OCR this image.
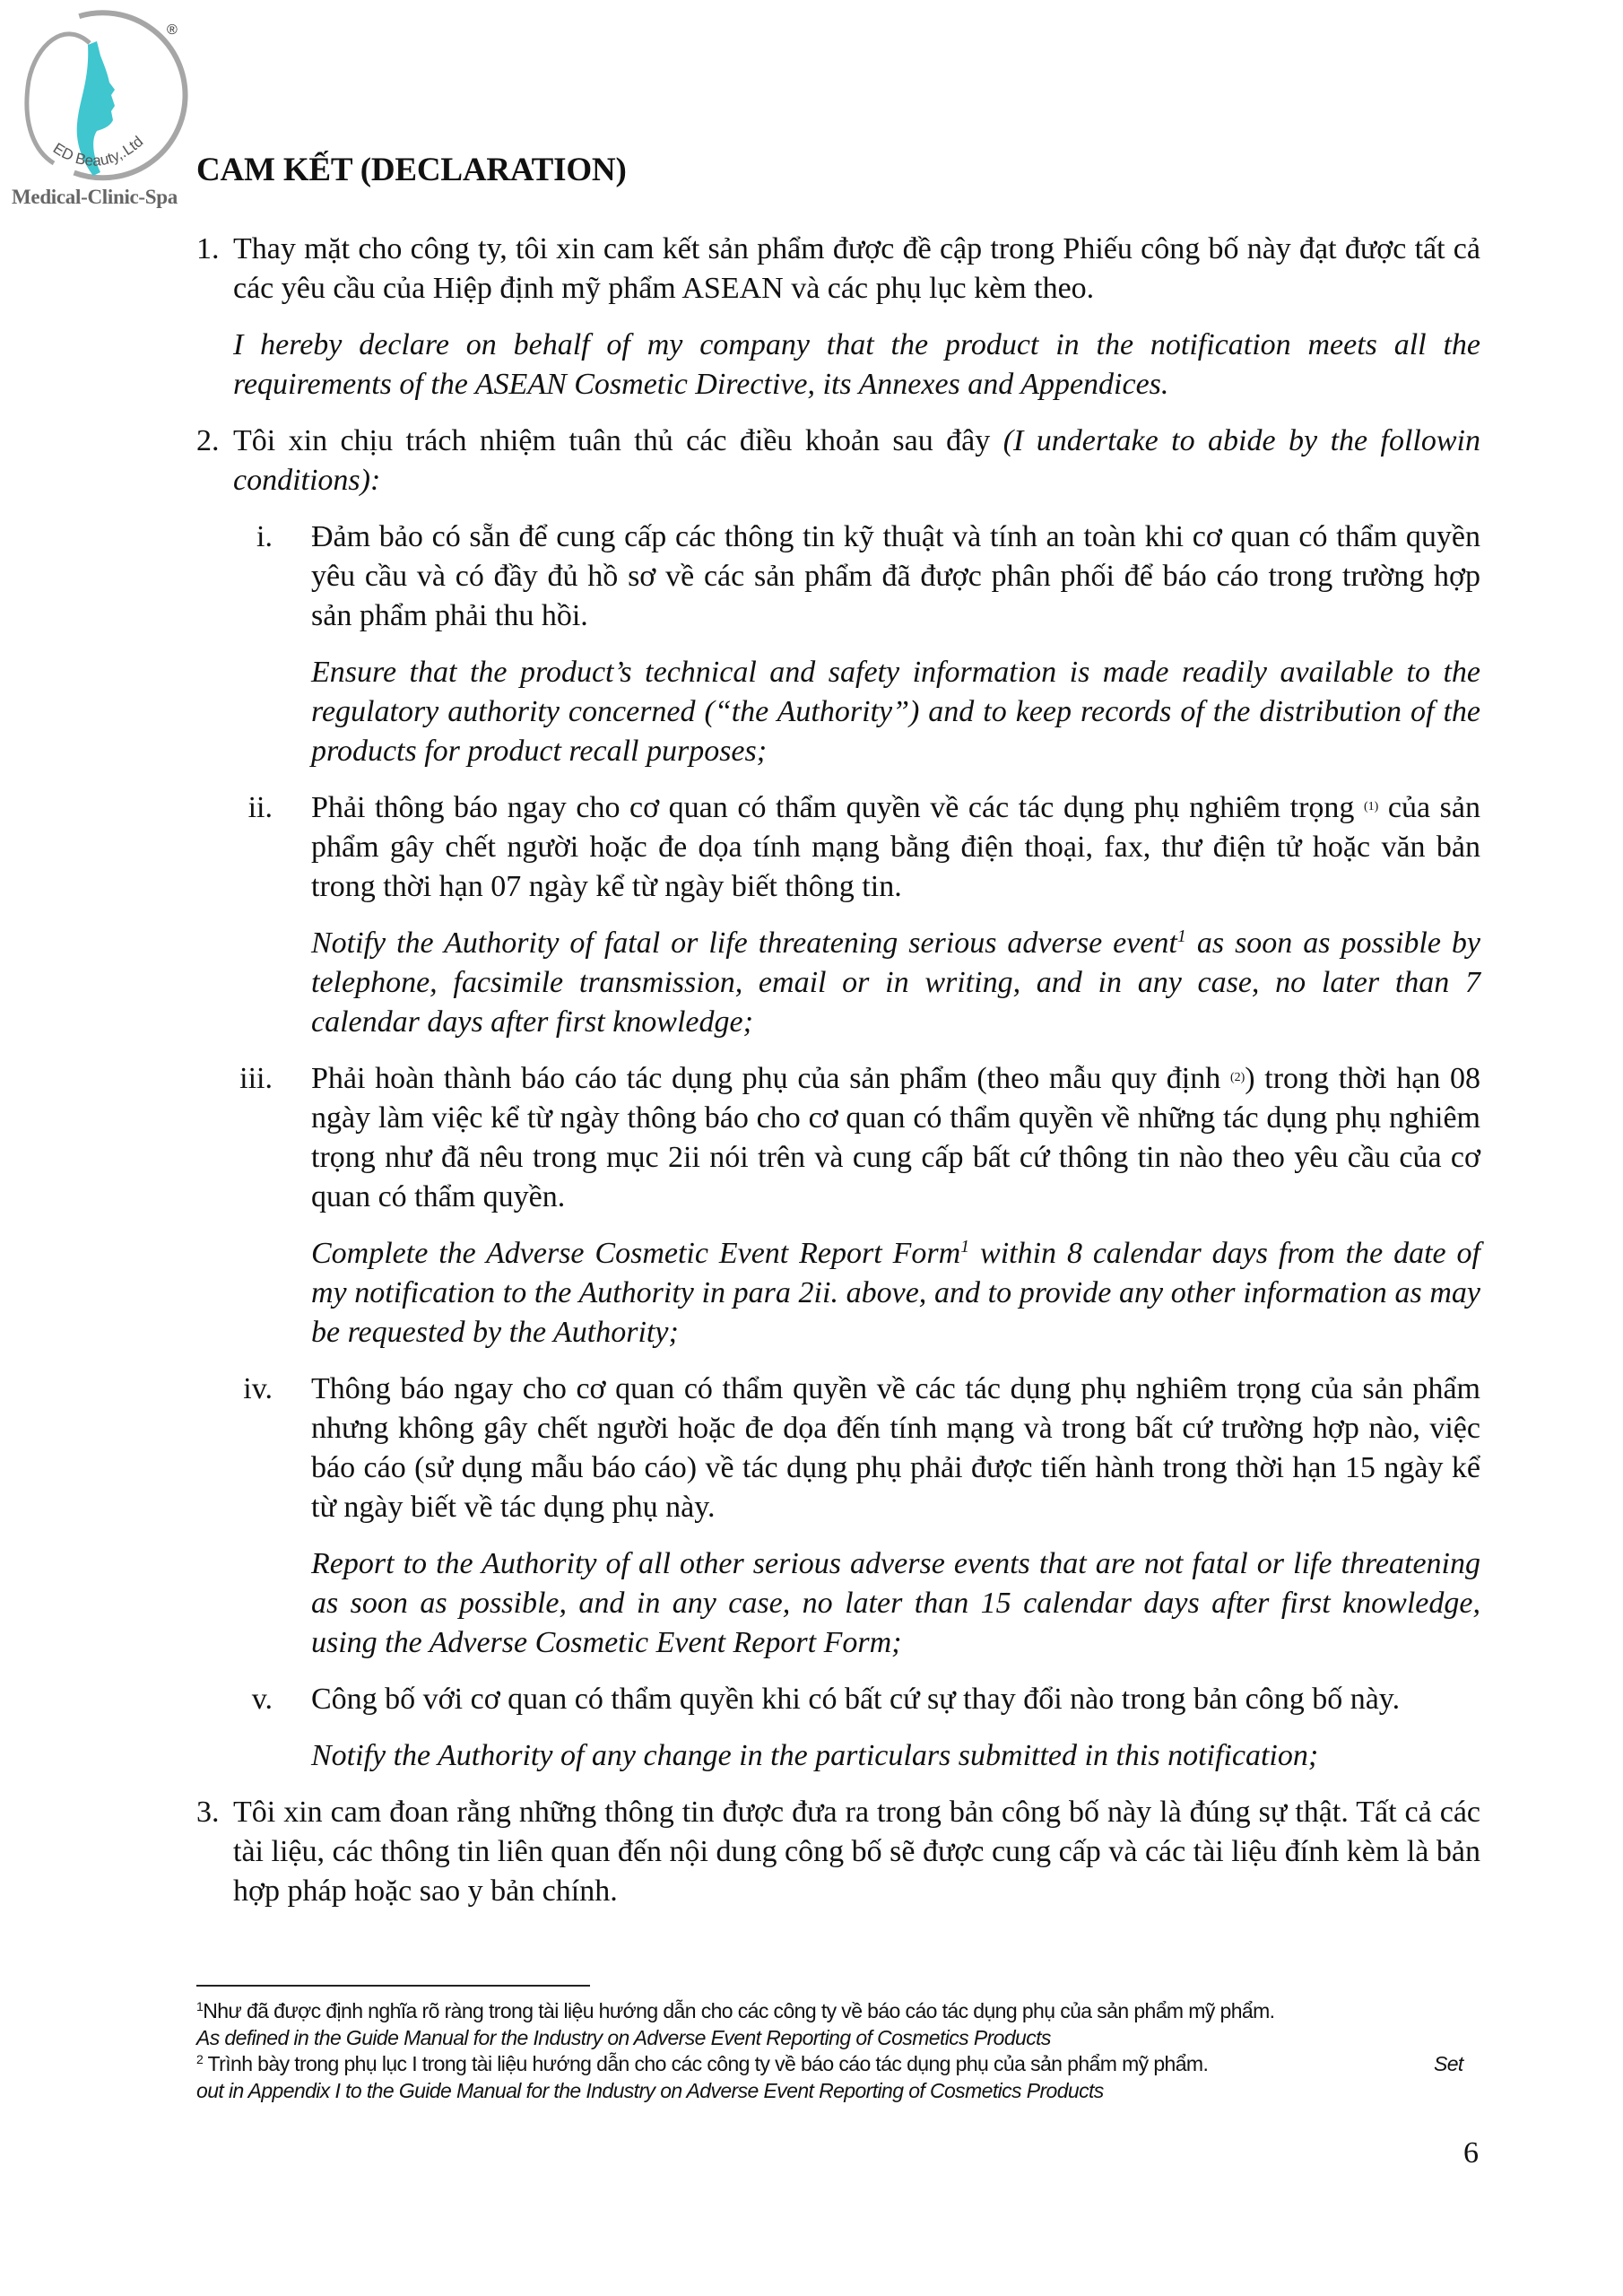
®
ED Beauty,.Ltd
Medical-Clinic-Spa
CAM KẾT (DECLARATION)
1. Thay mặt cho công ty, tôi xin cam kết sản phẩm được đề cập trong Phiếu công bố này đạt được tất cả các yêu cầu của Hiệp định mỹ phẩm ASEAN và các phụ lục kèm theo.

I hereby declare on behalf of my company that the product in the notification meets all the requirements of the ASEAN Cosmetic Directive, its Annexes and Appendices.

2. Tôi xin chịu trách nhiệm tuân thủ các điều khoản sau đây (I undertake to abide by the followin conditions):

i.	Đảm bảo có sẵn để cung cấp các thông tin kỹ thuật và tính an toàn khi cơ quan có thẩm quyền yêu cầu và có đầy đủ hồ sơ về các sản phẩm đã được phân phối để báo cáo trong trường hợp sản phẩm phải thu hồi.

Ensure that the product’s technical and safety information is made readily available to the regulatory authority concerned (“the Authority”) and to keep records of the distribution of the products for product recall purposes;

ii.	Phải thông báo ngay cho cơ quan có thẩm quyền về các tác dụng phụ nghiêm trọng $^{(1)}$ của sản phẩm gây chết người hoặc đe dọa tính mạng bằng điện thoại, fax, thư điện tử hoặc văn bản trong thời hạn 07 ngày kể từ ngày biết thông tin.

Notify the Authority of fatal or life threatening serious adverse event$^1$ as soon as possible by telephone, facsimile transmission, email or in writing, and in any case, no later than 7 calendar days after first knowledge;

iii.	Phải hoàn thành báo cáo tác dụng phụ của sản phẩm (theo mẫu quy định $^{(2)}$) trong thời hạn 08 ngày làm việc kể từ ngày thông báo cho cơ quan có thẩm quyền về những tác dụng phụ nghiêm trọng như đã nêu trong mục 2ii nói trên và cung cấp bất cứ thông tin nào theo yêu cầu của cơ quan có thẩm quyền.

Complete the Adverse Cosmetic Event Report Form$^1$ within 8 calendar days from the date of my notification to the Authority in para 2ii. above, and to provide any other information as may be requested by the Authority;

iv.	Thông báo ngay cho cơ quan có thẩm quyền về các tác dụng phụ nghiêm trọng của sản phẩm nhưng không gây chết người hoặc đe dọa đến tính mạng và trong bất cứ trường hợp nào, việc báo cáo (sử dụng mẫu báo cáo) về tác dụng phụ phải được tiến hành trong thời hạn 15 ngày kể từ ngày biết về tác dụng phụ này.

Report to the Authority of all other serious adverse events that are not fatal or life threatening as soon as possible, and in any case, no later than 15 calendar days after first knowledge, using the Adverse Cosmetic Event Report Form;

v.	Công bố với cơ quan có thẩm quyền khi có bất cứ sự thay đổi nào trong bản công bố này.

Notify the Authority of any change in the particulars submitted in this notification;

3. Tôi xin cam đoan rằng những thông tin được đưa ra trong bản công bố này là đúng sự thật. Tất cả các tài liệu, các thông tin liên quan đến nội dung công bố sẽ được cung cấp và các tài liệu đính kèm là bản hợp pháp hoặc sao y bản chính.

$^1$Như đã được định nghĩa rõ ràng trong tài liệu hướng dẫn cho các công ty về báo cáo tác dụng phụ của sản phẩm mỹ phẩm.
As defined in the Guide Manual for the Industry on Adverse Event Reporting of Cosmetics Products
$^2$ Trình bày trong phụ lục I trong tài liệu hướng dẫn cho các công ty về báo cáo tác dụng phụ của sản phẩm mỹ phẩm.	Set
out in Appendix I to the Guide Manual for the Industry on Adverse Event Reporting of Cosmetics Products
6
